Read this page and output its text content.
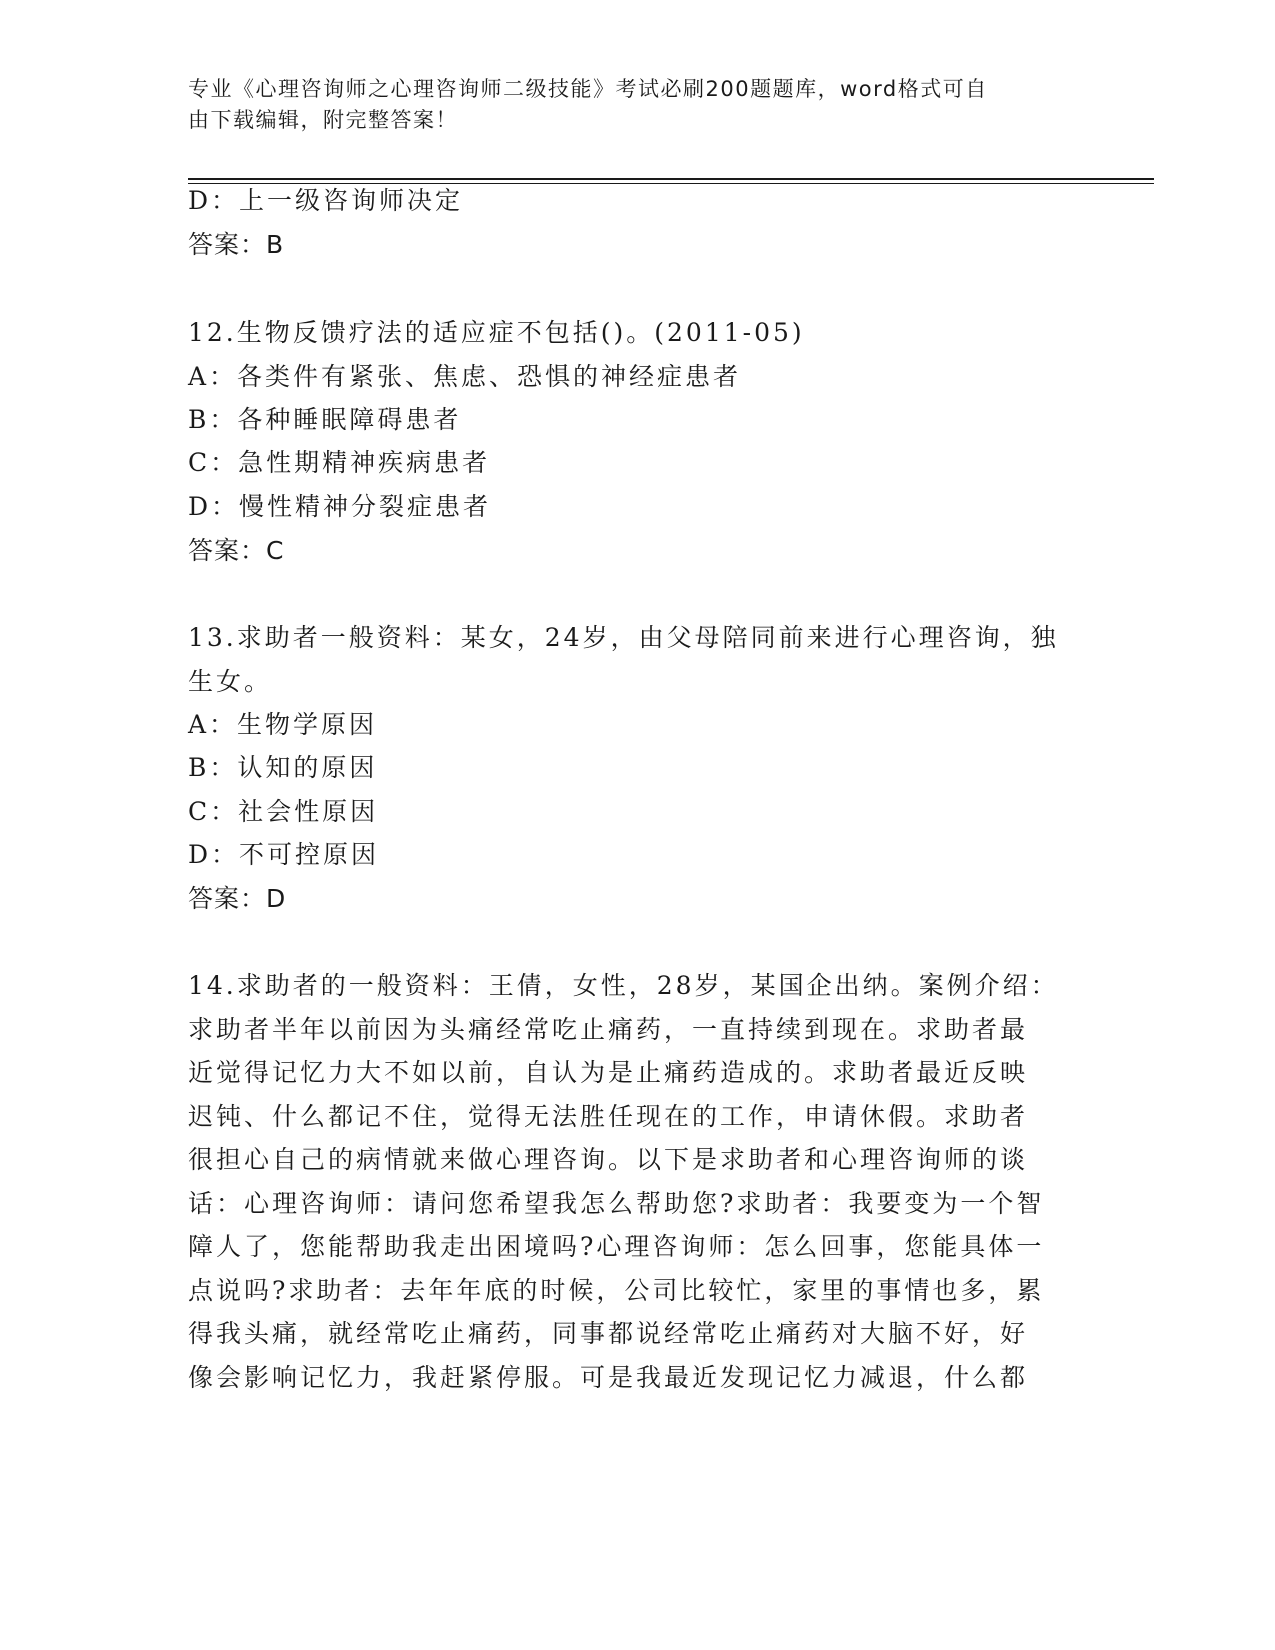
专业《心理咨询师之心理咨询师二级技能》考试必刷200题题库，word格式可自
由下载编辑，附完整答案！
D：上一级咨询师决定
答案：B
12.生物反馈疗法的适应症不包括()。(2011-05)
A：各类件有紧张、焦虑、恐惧的神经症患者
B：各种睡眠障碍患者
C：急性期精神疾病患者
D：慢性精神分裂症患者
答案：C
13.求助者一般资料：某女，24岁，由父母陪同前来进行心理咨询，独
生女。
A：生物学原因
B：认知的原因
C：社会性原因
D：不可控原因
答案：D
14.求助者的一般资料：王倩，女性，28岁，某国企出纳。案例介绍：
求助者半年以前因为头痛经常吃止痛药，一直持续到现在。求助者最
近觉得记忆力大不如以前，自认为是止痛药造成的。求助者最近反映
迟钝、什么都记不住，觉得无法胜任现在的工作，申请休假。求助者
很担心自己的病情就来做心理咨询。以下是求助者和心理咨询师的谈
话：心理咨询师：请问您希望我怎么帮助您?求助者：我要变为一个智
障人了，您能帮助我走出困境吗?心理咨询师：怎么回事，您能具体一
点说吗?求助者：去年年底的时候，公司比较忙，家里的事情也多，累
得我头痛，就经常吃止痛药，同事都说经常吃止痛药对大脑不好，好
像会影响记忆力，我赶紧停服。可是我最近发现记忆力减退，什么都
